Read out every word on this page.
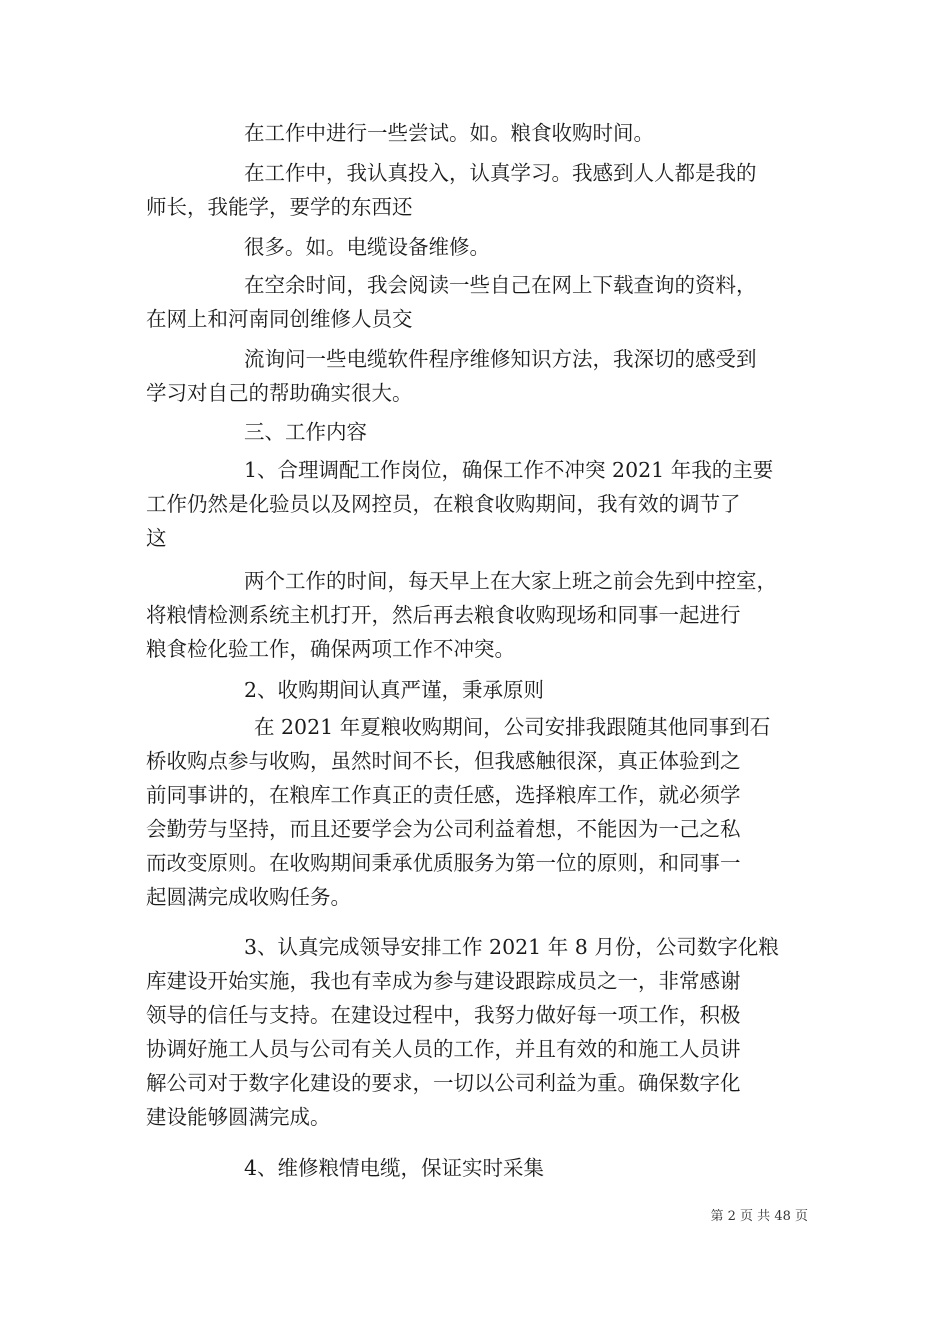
在工作中进行一些尝试。如。粮食收购时间。
在工作中，我认真投入，认真学习。我感到人人都是我的
师长，我能学，要学的东西还
很多。如。电缆设备维修。
在空余时间，我会阅读一些自己在网上下载查询的资料，
在网上和河南同创维修人员交
流询问一些电缆软件程序维修知识方法，我深切的感受到
学习对自己的帮助确实很大。
三、工作内容
1、合理调配工作岗位，确保工作不冲突 2021 年我的主要
工作仍然是化验员以及网控员，在粮食收购期间，我有效的调节了
这
两个工作的时间，每天早上在大家上班之前会先到中控室，
将粮情检测系统主机打开，然后再去粮食收购现场和同事一起进行
粮食检化验工作，确保两项工作不冲突。
2、收购期间认真严谨，秉承原则
在 2021 年夏粮收购期间，公司安排我跟随其他同事到石
桥收购点参与收购，虽然时间不长，但我感触很深，真正体验到之
前同事讲的，在粮库工作真正的责任感，选择粮库工作，就必须学
会勤劳与坚持，而且还要学会为公司利益着想，不能因为一己之私
而改变原则。在收购期间秉承优质服务为第一位的原则，和同事一
起圆满完成收购任务。
3、认真完成领导安排工作 2021 年 8 月份，公司数字化粮
库建设开始实施，我也有幸成为参与建设跟踪成员之一，非常感谢
领导的信任与支持。在建设过程中，我努力做好每一项工作，积极
协调好施工人员与公司有关人员的工作，并且有效的和施工人员讲
解公司对于数字化建设的要求，一切以公司利益为重。确保数字化
建设能够圆满完成。
4、维修粮情电缆，保证实时采集
第 2 页 共 48 页
